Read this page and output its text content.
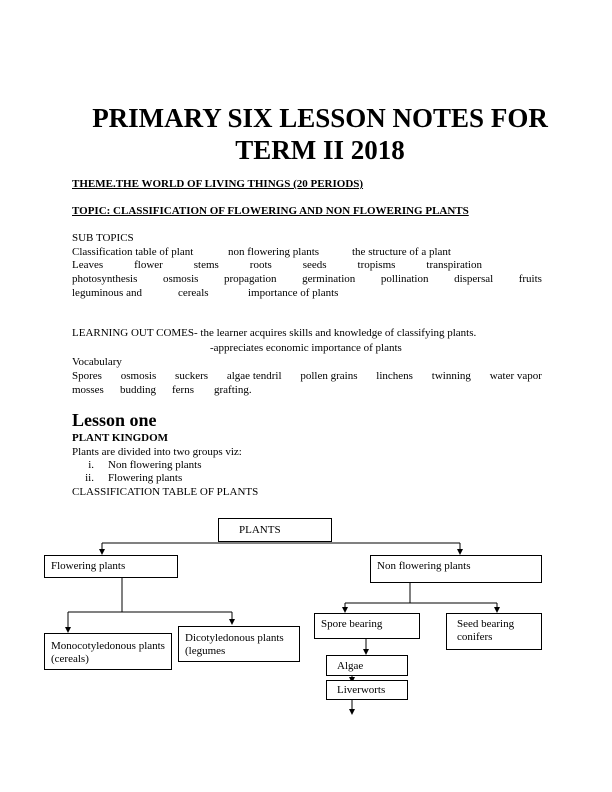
PRIMARY SIX LESSON NOTES FOR TERM II 2018
THEME.THE WORLD OF LIVING THINGS (20 PERIODS)
TOPIC: CLASSIFICATION OF FLOWERING AND NON FLOWERING PLANTS
SUB TOPICS
Classification table of plant	non flowering plants	the structure of a plant
Leaves	flower	stems	roots	seeds	tropisms	transpiration
photosynthesis osmosis propagation germination pollination dispersal fruits
leguminous and	cereals	importance of plants
LEARNING OUT COMES- the learner acquires skills and knowledge of classifying plants.
-appreciates economic importance of plants
Vocabulary
Spores osmosis suckers algae tendril pollen grains linchens twinning water vapor
mosses budding ferns grafting.
Lesson one
PLANT KINGDOM
Plants are divided into two groups viz:
i. Non flowering plants
ii. Flowering plants
CLASSIFICATION TABLE OF PLANTS
PLANTS
Flowering plants	Non flowering plants
Monocotyledonous plants (cereals)
Dicotyledonous plants (legumes
Spore bearing	Seed bearing conifers
Algae
Liverworts
